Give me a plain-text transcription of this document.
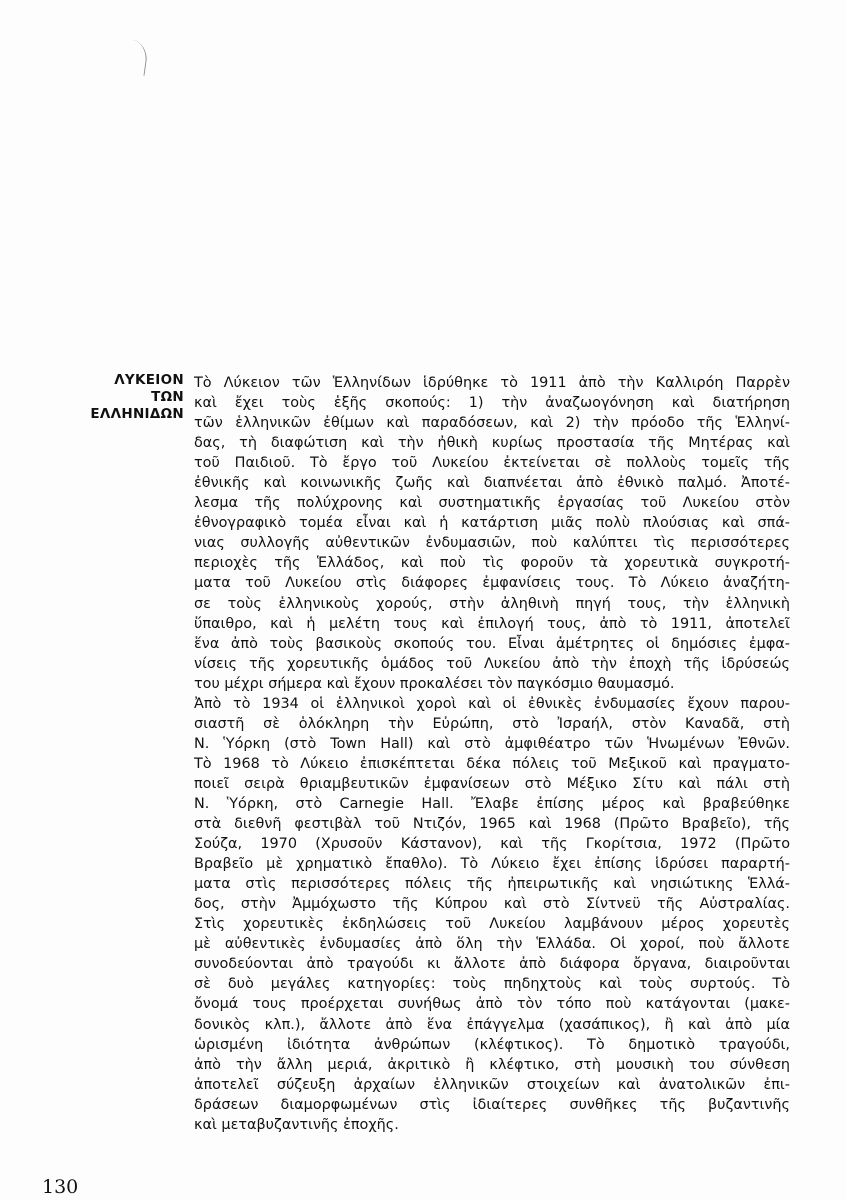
ΛΥΚΕΙΟΝ
ΤΩΝ
ΕΛΛΗΝΙΔΩΝ
Τὸ Λύκειον τῶν Ἑλληνίδων ἱδρύθηκε τὸ 1911 ἀπὸ τὴν Καλλιρόη Παρρὲν
καὶ ἔχει τοὺς ἑξῆς σκοπούς: 1) τὴν ἀναζωογόνηση καὶ διατήρηση
τῶν ἑλληνικῶν ἐθίμων καὶ παραδόσεων, καὶ 2) τὴν πρόοδο τῆς Ἑλληνί-
δας, τὴ διαφώτιση καὶ τὴν ἠθικὴ κυρίως προστασία τῆς Μητέρας καὶ
τοῦ Παιδιοῦ. Τὸ ἔργο τοῦ Λυκείου ἐκτείνεται σὲ πολλοὺς τομεῖς τῆς
ἐθνικῆς καὶ κοινωνικῆς ζωῆς καὶ διαπνέεται ἀπὸ ἐθνικὸ παλμό. Ἀποτέ-
λεσμα τῆς πολύχρονης καὶ συστηματικῆς ἐργασίας τοῦ Λυκείου στὸν
ἐθνογραφικὸ τομέα εἶναι καὶ ἡ κατάρτιση μιᾶς πολὺ πλούσιας καὶ σπά-
νιας συλλογῆς αὐθεντικῶν ἐνδυμασιῶν, ποὺ καλύπτει τὶς περισσότερες
περιοχὲς τῆς Ἑλλάδος, καὶ ποὺ τὶς φοροῦν τὰ χορευτικὰ συγκροτή-
ματα τοῦ Λυκείου στὶς διάφορες ἐμφανίσεις τους. Τὸ Λύκειο ἀναζήτη-
σε τοὺς ἑλληνικοὺς χορούς, στὴν ἀληθινὴ πηγή τους, τὴν ἑλληνικὴ
ὕπαιθρο, καὶ ἡ μελέτη τους καὶ ἐπιλογή τους, ἀπὸ τὸ 1911, ἀποτελεῖ
ἕνα ἀπὸ τοὺς βασικοὺς σκοπούς του. Εἶναι ἀμέτρητες οἱ δημόσιες ἐμφα-
νίσεις τῆς χορευτικῆς ὁμάδος τοῦ Λυκείου ἀπὸ τὴν ἐποχὴ τῆς ἱδρύσεώς
του μέχρι σήμερα καὶ ἔχουν προκαλέσει τὸν παγκόσμιο θαυμασμό.
Ἀπὸ τὸ 1934 οἱ ἑλληνικοὶ χοροὶ καὶ οἱ ἐθνικὲς ἐνδυμασίες ἔχουν παρου-
σιαστῆ σὲ ὁλόκληρη τὴν Εὐρώπη, στὸ Ἰσραήλ, στὸν Καναδᾶ, στὴ
Ν. Ὑόρκη (στὸ Town Hall) καὶ στὸ ἀμφιθέατρο τῶν Ἡνωμένων Ἐθνῶν.
Τὸ 1968 τὸ Λύκειο ἐπισκέπτεται δέκα πόλεις τοῦ Μεξικοῦ καὶ πραγματο-
ποιεῖ σειρὰ θριαμβευτικῶν ἐμφανίσεων στὸ Μέξικο Σίτυ καὶ πάλι στὴ
Ν. Ὑόρκη, στὸ Carnegie Hall. Ἔλαβε ἐπίσης μέρος καὶ βραβεύθηκε
στὰ διεθνῆ φεστιβὰλ τοῦ Ντιζόν, 1965 καὶ 1968 (Πρῶτο Βραβεῖο), τῆς
Σούζα, 1970 (Χρυσοῦν Κάστανον), καὶ τῆς Γκορίτσια, 1972 (Πρῶτο
Βραβεῖο μὲ χρηματικὸ ἔπαθλο). Τὸ Λύκειο ἔχει ἐπίσης ἱδρύσει παραρτή-
ματα στὶς περισσότερες πόλεις τῆς ἠπειρωτικῆς καὶ νησιώτικης Ἑλλά-
δος, στὴν Ἀμμόχωστο τῆς Κύπρου καὶ στὸ Σίντνεϋ τῆς Αὐστραλίας.
Στὶς χορευτικὲς ἐκδηλώσεις τοῦ Λυκείου λαμβάνουν μέρος χορευτὲς
μὲ αὐθεντικὲς ἐνδυμασίες ἀπὸ ὅλη τὴν Ἑλλάδα. Οἱ χοροί, ποὺ ἄλλοτε
συνοδεύονται ἀπὸ τραγούδι κι ἄλλοτε ἀπὸ διάφορα ὄργανα, διαιροῦνται
σὲ δυὸ μεγάλες κατηγορίες: τοὺς πηδηχτοὺς καὶ τοὺς συρτούς. Τὸ
ὄνομά τους προέρχεται συνήθως ἀπὸ τὸν τόπο ποὺ κατάγονται (μακε-
δονικὸς κλπ.), ἄλλοτε ἀπὸ ἕνα ἐπάγγελμα (χασάπικος), ἢ καὶ ἀπὸ μία
ὡρισμένη ἰδιότητα ἀνθρώπων (κλέφτικος). Τὸ δημοτικὸ τραγούδι,
ἀπὸ τὴν ἄλλη μεριά, ἀκριτικὸ ἢ κλέφτικο, στὴ μουσικὴ του σύνθεση
ἀποτελεῖ σύζευξη ἀρχαίων ἑλληνικῶν στοιχείων καὶ ἀνατολικῶν ἐπι-
δράσεων διαμορφωμένων στὶς ἰδιαίτερες συνθῆκες τῆς βυζαντινῆς
καὶ μεταβυζαντινῆς ἐποχῆς.
130
